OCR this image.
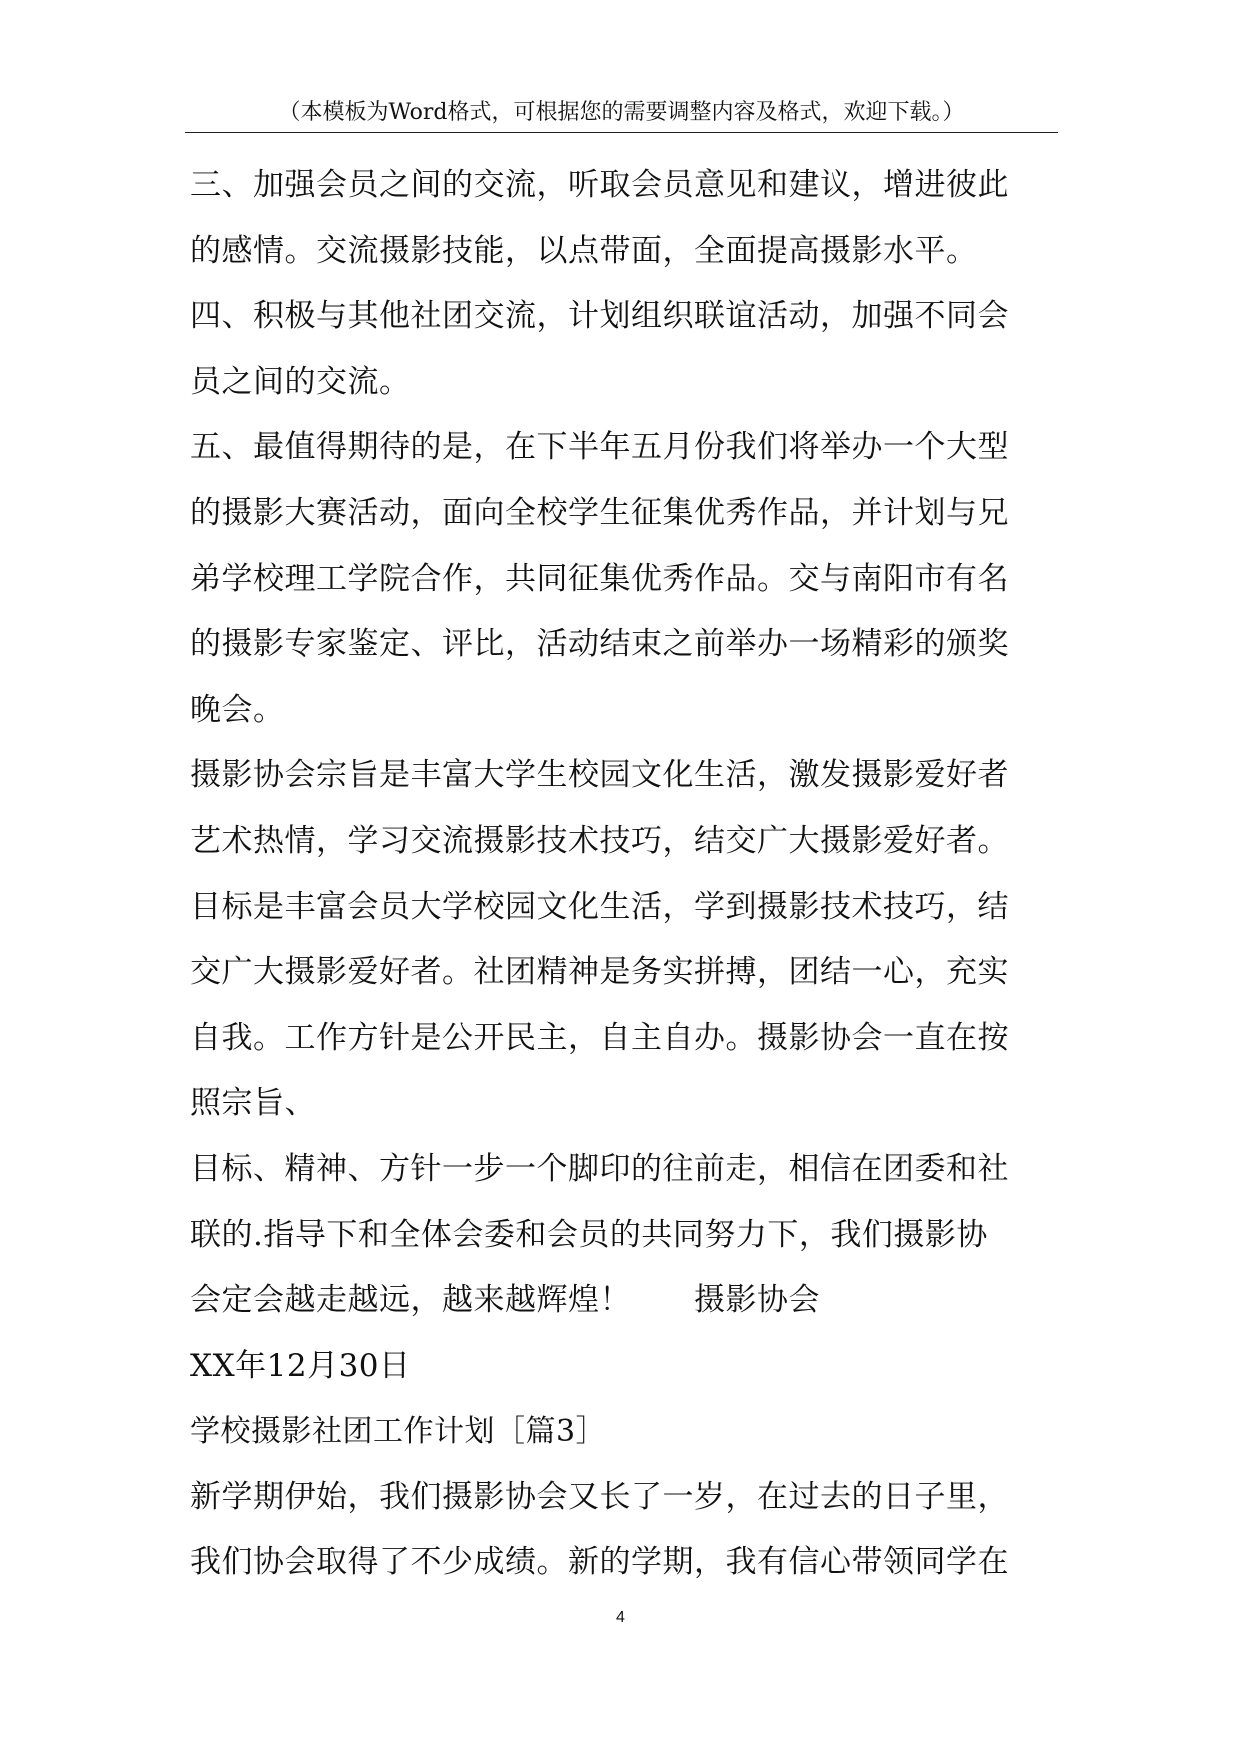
（本模板为Word格式，可根据您的需要调整内容及格式，欢迎下载。）
三、加强会员之间的交流，听取会员意见和建议，增进彼此
的感情。交流摄影技能，以点带面，全面提高摄影水平。
四、积极与其他社团交流，计划组织联谊活动，加强不同会
员之间的交流。
五、最值得期待的是，在下半年五月份我们将举办一个大型
的摄影大赛活动，面向全校学生征集优秀作品，并计划与兄
弟学校理工学院合作，共同征集优秀作品。交与南阳市有名
的摄影专家鉴定、评比，活动结束之前举办一场精彩的颁奖
晚会。
摄影协会宗旨是丰富大学生校园文化生活，激发摄影爱好者
艺术热情，学习交流摄影技术技巧，结交广大摄影爱好者。
目标是丰富会员大学校园文化生活，学到摄影技术技巧，结
交广大摄影爱好者。社团精神是务实拼搏，团结一心，充实
自我。工作方针是公开民主，自主自办。摄影协会一直在按
照宗旨、
目标、精神、方针一步一个脚印的往前走，相信在团委和社
联的.指导下和全体会委和会员的共同努力下，我们摄影协
会定会越走越远，越来越辉煌！　　摄影协会
XX年12月30日
学校摄影社团工作计划［篇3］
新学期伊始，我们摄影协会又长了一岁，在过去的日子里，
我们协会取得了不少成绩。新的学期，我有信心带领同学在
4
